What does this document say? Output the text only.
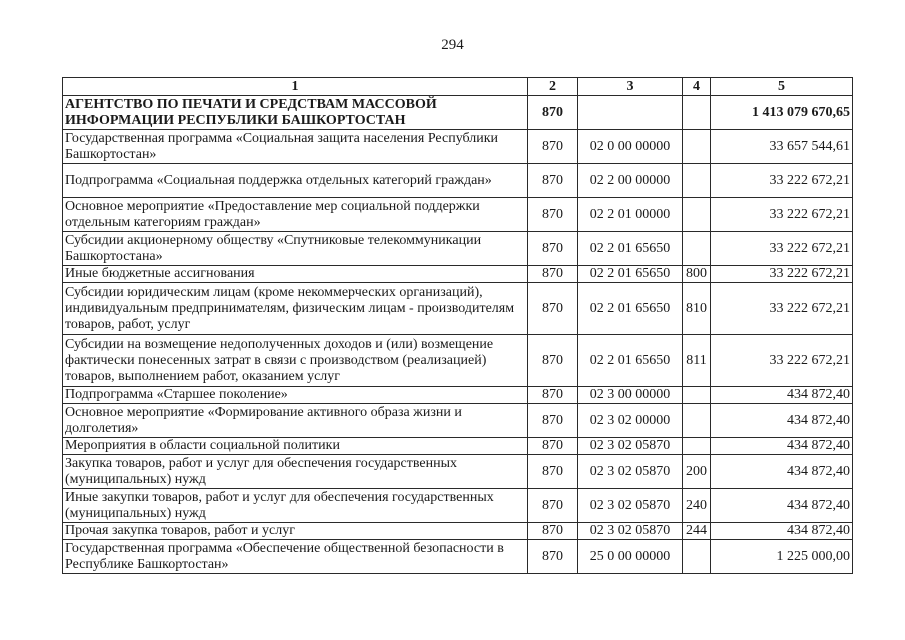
294
1	2	3	4	5
АГЕНТСТВО ПО ПЕЧАТИ И СРЕДСТВАМ МАССОВОЙ ИНФОРМАЦИИ РЕСПУБЛИКИ БАШКОРТОСТАН	870			1 413 079 670,65
Государственная программа «Социальная защита населения Республики Башкортостан»	870	02 0 00 00000		33 657 544,61
Подпрограмма «Социальная поддержка отдельных категорий граждан»	870	02 2 00 00000		33 222 672,21
Основное мероприятие «Предоставление мер социальной поддержки отдельным категориям граждан»	870	02 2 01 00000		33 222 672,21
Субсидии акционерному обществу «Спутниковые телекоммуникации Башкортостана»	870	02 2 01 65650		33 222 672,21
Иные бюджетные ассигнования	870	02 2 01 65650	800	33 222 672,21
Субсидии юридическим лицам (кроме некоммерческих организаций), индивидуальным предпринимателям, физическим лицам - производителям товаров, работ, услуг	870	02 2 01 65650	810	33 222 672,21
Субсидии на возмещение недополученных доходов и (или) возмещение фактически понесенных затрат в связи с производством (реализацией) товаров, выполнением работ, оказанием услуг	870	02 2 01 65650	811	33 222 672,21
Подпрограмма «Старшее поколение»	870	02 3 00 00000		434 872,40
Основное мероприятие «Формирование активного образа жизни и долголетия»	870	02 3 02 00000		434 872,40
Мероприятия в области социальной политики	870	02 3 02 05870		434 872,40
Закупка товаров, работ и услуг для обеспечения государственных (муниципальных) нужд	870	02 3 02 05870	200	434 872,40
Иные закупки товаров, работ и услуг для обеспечения государственных (муниципальных) нужд	870	02 3 02 05870	240	434 872,40
Прочая закупка товаров, работ и услуг	870	02 3 02 05870	244	434 872,40
Государственная программа «Обеспечение общественной безопасности в Республике Башкортостан»	870	25 0 00 00000		1 225 000,00
